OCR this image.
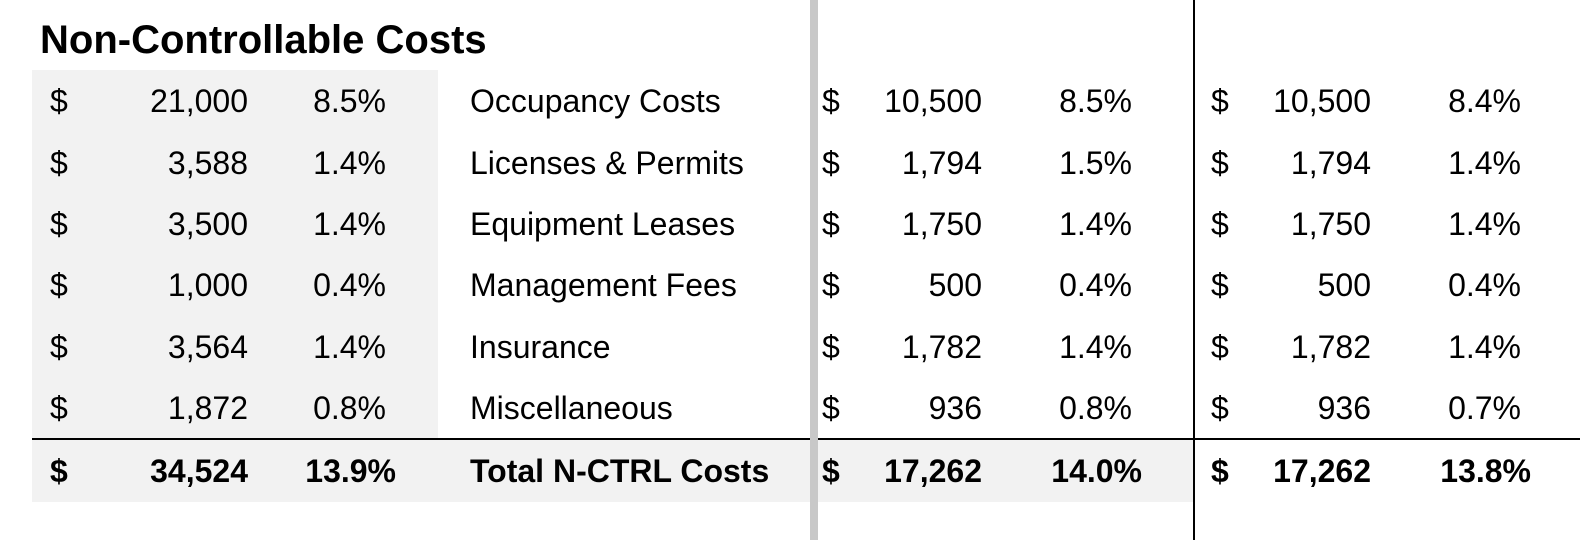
Non-Controllable Costs
$	21,000	8.5%	Occupancy Costs	$	10,500	8.5% $	10,500	8.4%
$	3,588	1.4%	Licenses & Permits	$	1,794	1.5% $	1,794	1.4%
$	3,500	1.4%	Equipment Leases	$	1,750	1.4% $	1,750	1.4%
$	1,000	0.4%	Management Fees	$	500	0.4% $	500	0.4%
$	3,564	1.4%	Insurance	$	1,782	1.4% $	1,782	1.4%
$	1,872	0.8%	Miscellaneous	$	936	0.8% $	936	0.7%
$	34,524	13.9% Total N-CTRL Costs	$	17,262	14.0% $	17,262	13.8%
